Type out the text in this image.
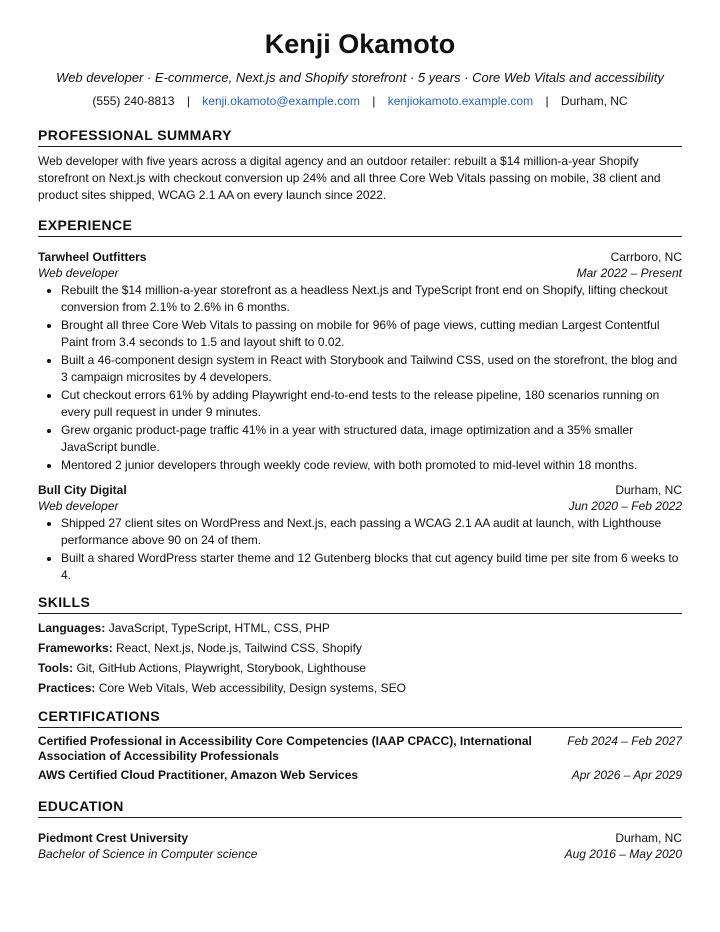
Kenji Okamoto
Web developer · E-commerce, Next.js and Shopify storefront · 5 years · Core Web Vitals and accessibility
(555) 240-8813 | kenji.okamoto@example.com | kenjiokamoto.example.com | Durham, NC
PROFESSIONAL SUMMARY
Web developer with five years across a digital agency and an outdoor retailer: rebuilt a $14 million-a-year Shopify storefront on Next.js with checkout conversion up 24% and all three Core Web Vitals passing on mobile, 38 client and product sites shipped, WCAG 2.1 AA on every launch since 2022.
EXPERIENCE
Tarwheel Outfitters	Carrboro, NC
Web developer	Mar 2022 – Present
• Rebuilt the $14 million-a-year storefront as a headless Next.js and TypeScript front end on Shopify, lifting checkout conversion from 2.1% to 2.6% in 6 months.
• Brought all three Core Web Vitals to passing on mobile for 96% of page views, cutting median Largest Contentful Paint from 3.4 seconds to 1.5 and layout shift to 0.02.
• Built a 46-component design system in React with Storybook and Tailwind CSS, used on the storefront, the blog and 3 campaign microsites by 4 developers.
• Cut checkout errors 61% by adding Playwright end-to-end tests to the release pipeline, 180 scenarios running on every pull request in under 9 minutes.
• Grew organic product-page traffic 41% in a year with structured data, image optimization and a 35% smaller JavaScript bundle.
• Mentored 2 junior developers through weekly code review, with both promoted to mid-level within 18 months.
Bull City Digital	Durham, NC
Web developer	Jun 2020 – Feb 2022
• Shipped 27 client sites on WordPress and Next.js, each passing a WCAG 2.1 AA audit at launch, with Lighthouse performance above 90 on 24 of them.
• Built a shared WordPress starter theme and 12 Gutenberg blocks that cut agency build time per site from 6 weeks to 4.
SKILLS
Languages: JavaScript, TypeScript, HTML, CSS, PHP
Frameworks: React, Next.js, Node.js, Tailwind CSS, Shopify
Tools: Git, GitHub Actions, Playwright, Storybook, Lighthouse
Practices: Core Web Vitals, Web accessibility, Design systems, SEO
CERTIFICATIONS
Certified Professional in Accessibility Core Competencies (IAAP CPACC), International Association of Accessibility Professionals
Feb 2024 – Feb 2027
AWS Certified Cloud Practitioner, Amazon Web Services	Apr 2026 – Apr 2029
EDUCATION
Piedmont Crest University	Durham, NC
Bachelor of Science in Computer science	Aug 2016 – May 2020
